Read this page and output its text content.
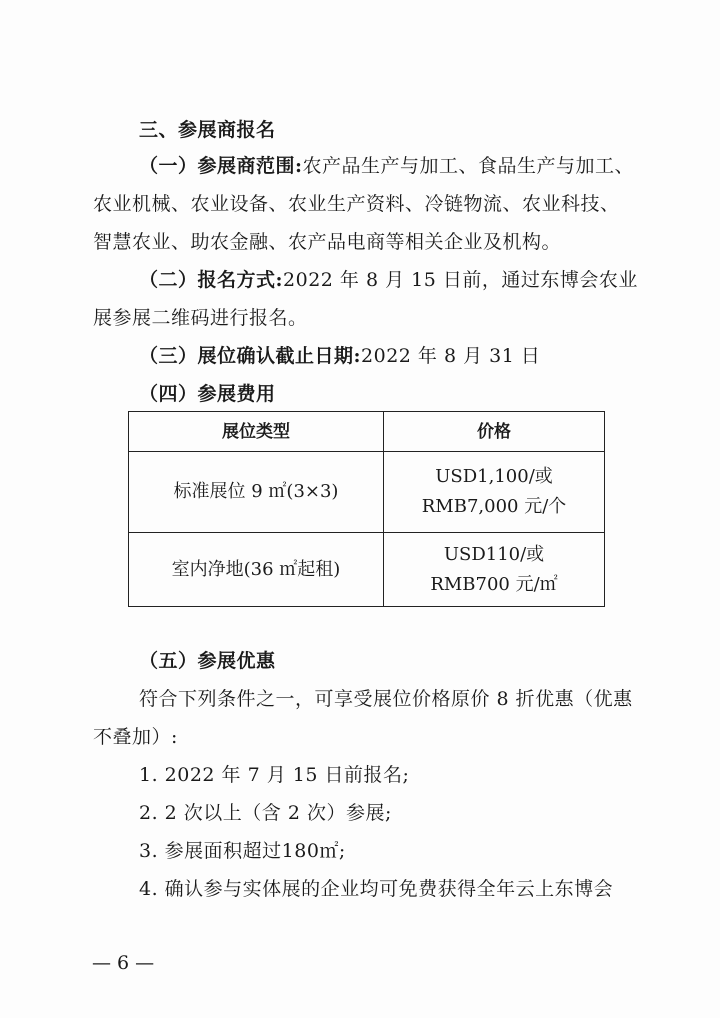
三、参展商报名
（一）参展商范围:农产品生产与加工、食品生产与加工、
农业机械、农业设备、农业生产资料、冷链物流、农业科技、
智慧农业、助农金融、农产品电商等相关企业及机构。
（二）报名方式:2022 年 8 月 15 日前，通过东博会农业
展参展二维码进行报名。
（三）展位确认截止日期:2022 年 8 月 31 日
（四）参展费用
展位类型	价格
标准展位 9 ㎡(3×3)	USD1,100/或
RMB7,000 元/个

室内净地(36 ㎡起租)	USD110/或
RMB700 元/㎡
（五）参展优惠
符合下列条件之一，可享受展位价格原价 8 折优惠（优惠
不叠加）:
1. 2022 年 7 月 15 日前报名;
2. 2 次以上（含 2 次）参展;
3. 参展面积超过180㎡;
4. 确认参与实体展的企业均可免费获得全年云上东博会
— 6 —
